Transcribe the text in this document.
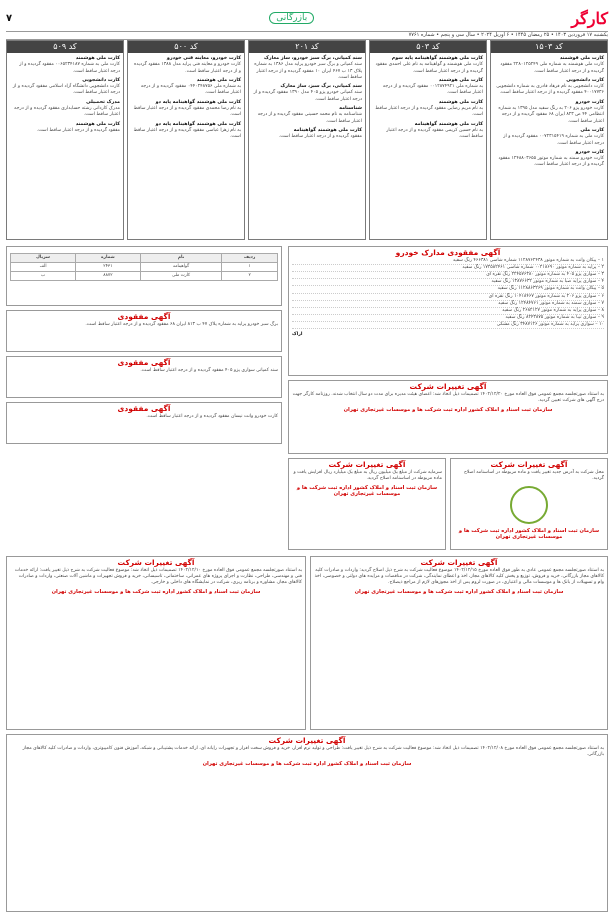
کارگر
بازرگانی
۷
یکشنبه ۱۷ فروردین ۱۴۰۳ • ۲۵ رمضان ۱۴۴۵ • ۶ آوریل ۲۰۲۴ • سال سی و پنجم • شماره ۷۷۶۱
کد ۱۵۰۳
کارت ملی فوشمند
کارت ملی هوشمند به شماره ملی ۲۲۸۰۱۲۵۲۴۹ مفقود گردیده و از درجه اعتبار ساقط است.
کارت دانشجویی
کارت دانشجویی به نام فرهاد قادری به شماره دانشجویی ۴۰۰۱۷۷۳۶ مفقود گردیده و از درجه اعتبار ساقط است.
کارت خودرو
کارت خودرو پژو ۲۰۶ به رنگ سفید مدل ۱۳۹۵ به شماره انتظامی ۴۴ ص ۸۲۳ ایران ۶۸ مفقود گردیده و از درجه اعتبار ساقط است.
کارت ملی
کارت ملی به شماره ۰۰۷۲۳۱۵۴۱۹ مفقود گردیده و از درجه اعتبار ساقط است.
کارت خودرو
کارت خودرو سمند به شماره موتور ۱۲۴۸۸۰۳۶۵۵ مفقود گردیده و از درجه اعتبار ساقط است.
کد ۵۰۳
کارت ملی هوشمند گواهینامه پایه سوم
کارت ملی هوشمند و گواهینامه به نام علی احمدی مفقود گردیده و از درجه اعتبار ساقط است.
کارت ملی هوشمند
به شماره ملی ۰۰۱۲۸۷۴۹۲۱ مفقود گردیده و از درجه اعتبار ساقط است.
کارت ملی هوشمند
به نام مریم رضایی مفقود گردیده و از درجه اعتبار ساقط است.
کارت ملی هوشمند گواهینامه
به نام حسین کریمی مفقود گردیده و از درجه اعتبار ساقط است.
کد ۲۰۱
سند کمپانی، برگ سبز خودرو، ساز معارک
سند کمپانی و برگ سبز خودرو پراید مدل ۱۳۸۶ به شماره پلاک ۱۳ ب ۴۶۷ ایران ۱۰ مفقود گردیده و از درجه اعتبار ساقط است.
سند کمپانی، برگ سبز، ساز معارک
سند کمپانی خودرو پژو ۴۰۵ مدل ۱۳۹۰ مفقود گردیده و از درجه اعتبار ساقط است.
شناسنامه
شناسنامه به نام محمد حسینی مفقود گردیده و از درجه اعتبار ساقط است.
کارت ملی هوشمند گواهینامه
مفقود گردیده و از درجه اعتبار ساقط است.
کد ۵۰۰
کارت خودرو، معاینه فنی خودرو
کارت خودرو و معاینه فنی پراید مدل ۱۳۸۸ مفقود گردیده و از درجه اعتبار ساقط است.
کارت ملی هوشمند
به شماره ملی ۰۴۴۰۲۴۸۷۵۶ مفقود گردیده و از درجه اعتبار ساقط است.
کارت ملی هوشمند گواهینامه پایه دو
به نام رضا محمدی مفقود گردیده و از درجه اعتبار ساقط است.
کارت ملی هوشمند گواهینامه پایه دو
به نام زهرا عباسی مفقود گردیده و از درجه اعتبار ساقط است.
کد ۵۰۹
کارت ملی هوشمند
کارت ملی به شماره ۰۰۶۵۲۳۴۱۸۷ مفقود گردیده و از درجه اعتبار ساقط است.
کارت دانشجویی
کارت دانشجویی دانشگاه آزاد اسلامی مفقود گردیده و از درجه اعتبار ساقط است.
مدرک تحصیلی
مدرک کاردانی رشته حسابداری مفقود گردیده و از درجه اعتبار ساقط است.
کارت ملی هوشمند
مفقود گردیده و از درجه اعتبار ساقط است.
آگهی مفقودی مدارک خودرو
۱ – پیکان وانت به شماره موتور ۱۱۲۸۷۶۲۴۳۸ شماره شاسی ۴۶۶۳۸۱ رنگ سفید
۲ – پراید به شماره موتور ۰۰۲۱۸۶۹۰ شماره شاسی ۱۷۲۵۸۲۴۶۱ رنگ سفید
۳ – سواری پژو ۴۰۵ به شماره موتور ۲۲۴۵۷۶۳۸۰ رنگ نقره ای
۴ – سواری پراید صبا به شماره موتور ۱۳۸۷۶۶۳۲ رنگ سفید
۵ – پیکان وانت به شماره موتور ۱۱۲۸۸۶۳۲۶۹ رنگ سفید
۶ – سواری پژو ۲۰۶ به شماره موتور ۱۰۴۱۸۴۶۷ رنگ نقره ای
۷ – سواری سمند به شماره موتور ۱۲۴۸۴۷۶۱ رنگ سفید
۸ – سواری پراید به شماره موتور ۲۶۸۲۱۲۷ رنگ سفید
۹ – سواری تیبا به شماره موتور ۸۲۴۳۸۷۵ رنگ سفید
۱۰ – سواری پراید به شماره موتور ۳۴۸۷۱۲۶ رنگ مشکی
اراک
ردیف	نام	شماره	سریال
۱	گواهینامه	۲۴۳۱	الف
۲	کارت ملی	۸۸۷۲	ب
آگهی مفقودی
برگ سبز خودرو پراید به شماره پلاک ۴۷ ب ۸۱۳ ایران ۶۸ مفقود گردیده و از درجه اعتبار ساقط است.
آگهی مفقودی
سند کمپانی سواری پژو ۴۰۵ مفقود گردیده و از درجه اعتبار ساقط است.
آگهی مفقودی
کارت خودرو وانت نیسان مفقود گردیده و از درجه اعتبار ساقط است.
آگهی تغییرات شرکت
به استناد صورتجلسه مجمع عمومی فوق العاده مورخ ۱۴۰۲/۱۲/۲۰ تصمیمات ذیل اتخاذ شد: اعضای هیئت مدیره برای مدت دو سال انتخاب شدند. روزنامه کارگر جهت درج آگهی های شرکت تعیین گردید.
سازمان ثبت اسناد و املاک کشور اداره ثبت شرکت ها و موسسات غیرتجاری تهران
آگهی تغییرات شرکت
محل شرکت به آدرس جدید تغییر یافت و ماده مربوطه در اساسنامه اصلاح گردید.
سازمان ثبت اسناد و املاک کشور اداره ثبت شرکت ها و موسسات غیرتجاری تهران
آگهی تغییرات شرکت
سرمایه شرکت از مبلغ یک میلیون ریال به مبلغ یک میلیارد ریال افزایش یافت و ماده مربوطه در اساسنامه اصلاح گردید.
سازمان ثبت اسناد و املاک کشور اداره ثبت شرکت ها و موسسات غیرتجاری تهران
آگهی تغییرات شرکت
به استناد صورتجلسه مجمع عمومی عادی به طور فوق العاده مورخ ۱۴۰۲/۱۲/۱۵ موضوع فعالیت شرکت به شرح ذیل اصلاح گردید: واردات و صادرات کلیه کالاهای مجاز بازرگانی، خرید و فروش، توزیع و پخش کلیه کالاهای مجاز، اخذ و اعطای نمایندگی، شرکت در مناقصات و مزایده های دولتی و خصوصی، اخذ وام و تسهیلات از بانک ها و موسسات مالی و اعتباری، در صورت لزوم پس از اخذ مجوزهای لازم از مراجع ذیصلاح.
سازمان ثبت اسناد و املاک کشور اداره ثبت شرکت ها و موسسات غیرتجاری تهران
آگهی تغییرات شرکت
به استناد صورتجلسه مجمع عمومی فوق العاده مورخ ۱۴۰۲/۱۲/۱۰ تصمیمات ذیل اتخاذ شد: موضوع فعالیت شرکت به شرح ذیل تغییر یافت: ارائه خدمات فنی و مهندسی، طراحی، نظارت و اجرای پروژه های عمرانی، ساختمانی، تاسیساتی، خرید و فروش تجهیزات و ماشین آلات صنعتی، واردات و صادرات کالاهای مجاز، مشاوره و برنامه ریزی، شرکت در نمایشگاه های داخلی و خارجی.
سازمان ثبت اسناد و املاک کشور اداره ثبت شرکت ها و موسسات غیرتجاری تهران
آگهی تغییرات شرکت
به استناد صورتجلسه مجمع عمومی فوق العاده مورخ ۱۴۰۲/۱۲/۰۸ تصمیمات ذیل اتخاذ شد: موضوع فعالیت شرکت به شرح ذیل تغییر یافت: طراحی و تولید نرم افزار، خرید و فروش سخت افزار و تجهیزات رایانه ای، ارائه خدمات پشتیبانی و شبکه، آموزش فنون کامپیوتری، واردات و صادرات کلیه کالاهای مجاز بازرگانی.
سازمان ثبت اسناد و املاک کشور اداره ثبت شرکت ها و موسسات غیرتجاری تهران
